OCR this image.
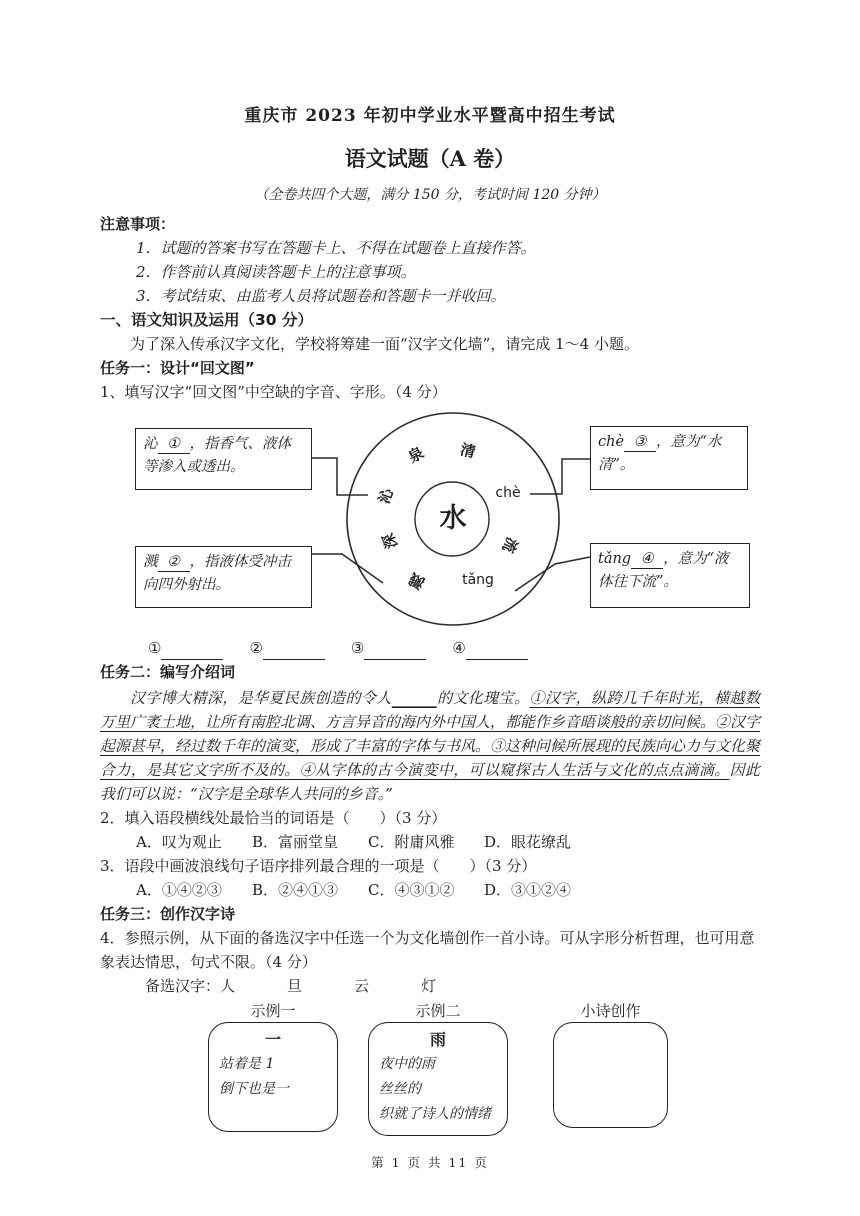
重庆市 2023 年初中学业水平暨高中招生考试
语文试题（A 卷）

（全卷共四个大题，满分 150 分，考试时间 120 分钟）

注意事项：

1．试题的答案书写在答题卡上、不得在试题卷上直接作答。

2．作答前认真阅读答题卡上的注意事项。

3．考试结束、由监考人员将试题卷和答题卡一并收回。

一、语文知识及运用（30 分）

为了深入传承汉字文化，学校将筹建一面“汉字文化墙”，请完成 1～4 小题。

任务一：设计“回文图”

1、填写汉字“回文图”中空缺的字音、字形。（4 分）

水
泉 清
沁	chè
深	流
溅 tǎng
沁 ① ，指香气、液体等渗入或透出。
溅 ② ，指液体受冲击向四外射出。
chè ③ ，意为“水清”。
tǎng ④ ，意为“液体往下流”。
①	②	③	④
任务二：编写介绍词

汉字博大精深，是华夏民族创造的令人______的文化瑰宝。①汉字，纵跨几千年时光，横越数万里广袤土地，让所有南腔北调、方言异音的海内外中国人，都能作乡音晤谈般的亲切问候。②汉字起源甚早，经过数千年的演变，形成了丰富的字体与书风。③这种问候所展现的民族向心力与文化聚合力，是其它文字所不及的。④从字体的古今演变中，可以窥探古人生活与文化的点点滴滴。因此我们可以说：“汉字是全球华人共同的乡音。”

2．填入语段横线处最恰当的词语是（　　）（3 分）

A．叹为观止	B．富丽堂皇	C．附庸风雅	D．眼花缭乱

3．语段中画波浪线句子语序排列最合理的一项是（　　）（3 分）

A．①④②③	B．②④①③	C．④③①②	D．③①②④
任务三：创作汉字诗

4．参照示例，从下面的备选汉字中任选一个为文化墙创作一首小诗。可从字形分析哲理，也可用意象表达情思，句式不限。（4 分）

备选汉字： 人	旦	云	灯
示例一	示例二	小诗创作

一

站着是 1

倒下也是一

雨

夜中的雨

丝丝的

织就了诗人的情绪

第 1 页 共 11 页
